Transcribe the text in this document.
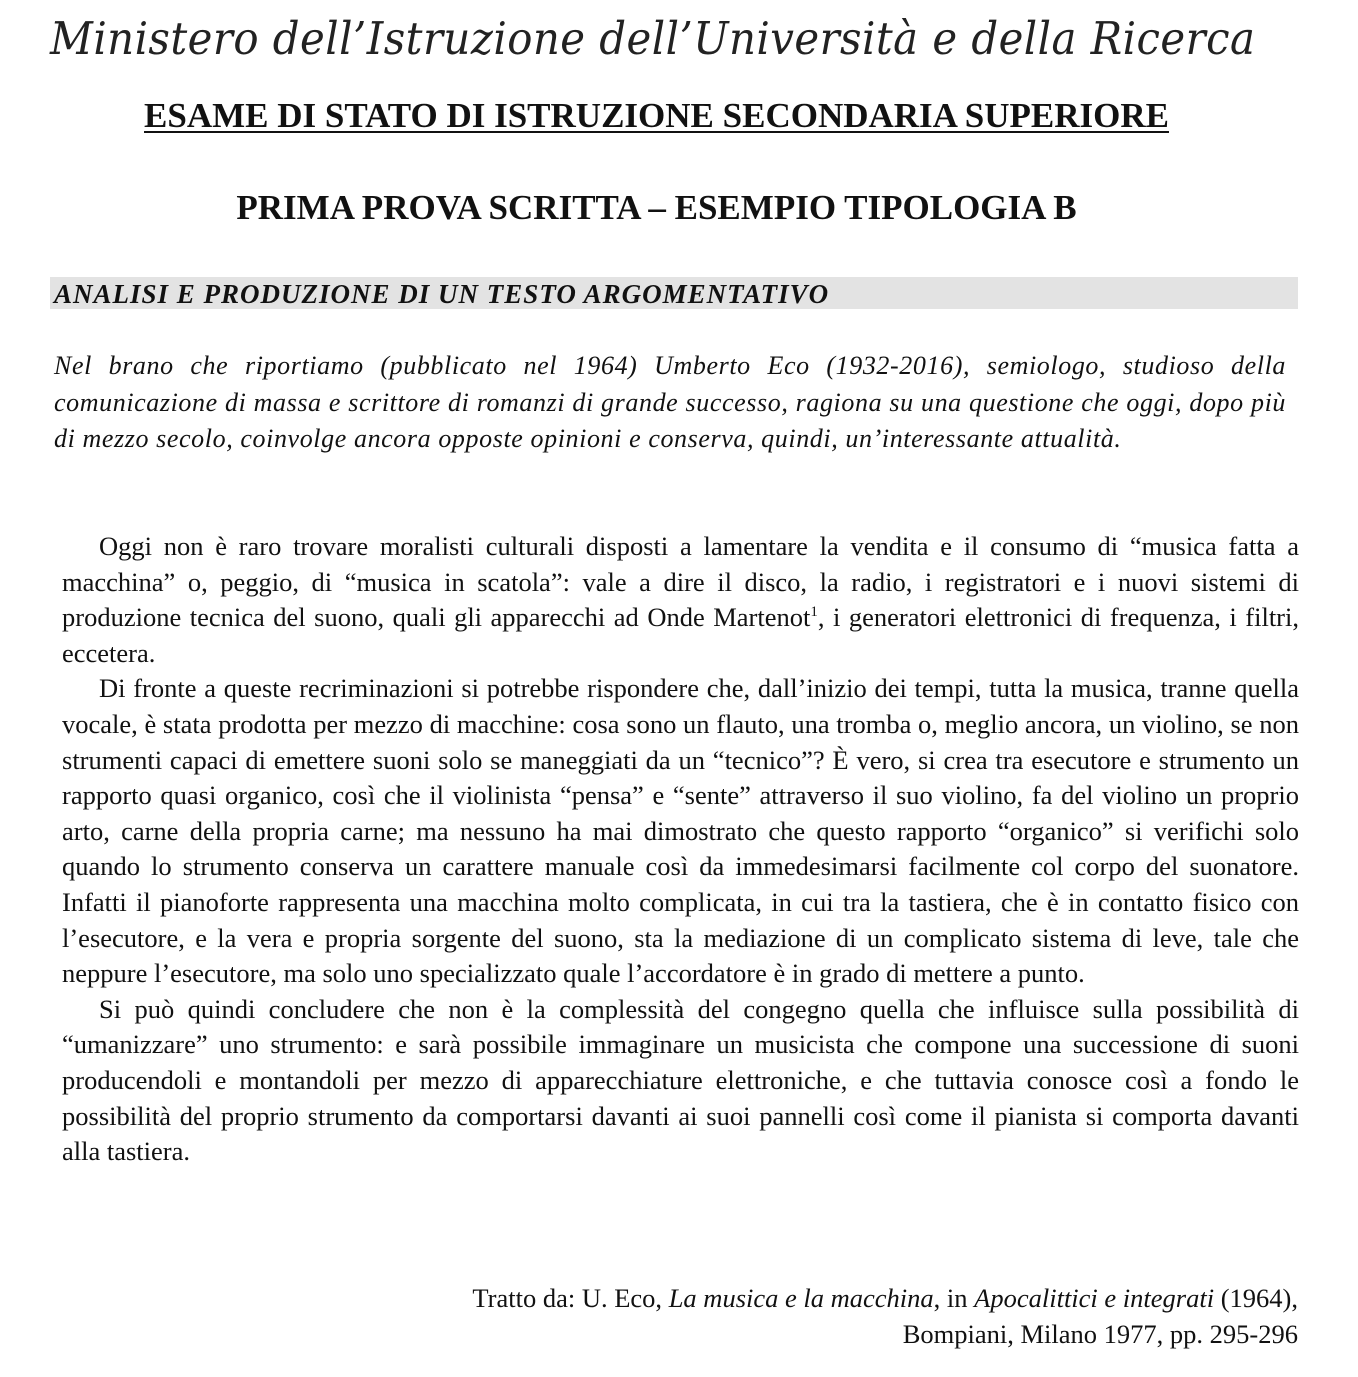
Ministero dell’Istruzione dell’Università e della Ricerca
ESAME DI STATO DI ISTRUZIONE SECONDARIA SUPERIORE
PRIMA PROVA SCRITTA – ESEMPIO TIPOLOGIA B
ANALISI E PRODUZIONE DI UN TESTO ARGOMENTATIVO

Nel brano che riportiamo (pubblicato nel 1964) Umberto Eco (1932-2016), semiologo, studioso della comunicazione di massa e scrittore di romanzi di grande successo, ragiona su una questione che oggi, dopo più di mezzo secolo, coinvolge ancora opposte opinioni e conserva, quindi, un’interessante attualità.

Oggi non è raro trovare moralisti culturali disposti a lamentare la vendita e il consumo di “musica fatta a macchina” o, peggio, di “musica in scatola”: vale a dire il disco, la radio, i registratori e i nuovi sistemi di produzione tecnica del suono, quali gli apparecchi ad Onde Martenot$^1$, i generatori elettronici di frequenza, i filtri, eccetera.

Di fronte a queste recriminazioni si potrebbe rispondere che, dall’inizio dei tempi, tutta la musica, tranne quella vocale, è stata prodotta per mezzo di macchine: cosa sono un flauto, una tromba o, meglio ancora, un violino, se non strumenti capaci di emettere suoni solo se maneggiati da un “tecnico”? È vero, si crea tra esecutore e strumento un rapporto quasi organico, così che il violinista “pensa” e “sente” attraverso il suo violino, fa del violino un proprio arto, carne della propria carne; ma nessuno ha mai dimostrato che questo rapporto “organico” si verifichi solo quando lo strumento conserva un carattere manuale così da immedesimarsi facilmente col corpo del suonatore. Infatti il pianoforte rappresenta una macchina molto complicata, in cui tra la tastiera, che è in contatto fisico con l’esecutore, e la vera e propria sorgente del suono, sta la mediazione di un complicato sistema di leve, tale che neppure l’esecutore, ma solo uno specializzato quale l’accordatore è in grado di mettere a punto.

Si può quindi concludere che non è la complessità del congegno quella che influisce sulla possibilità di “umanizzare” uno strumento: e sarà possibile immaginare un musicista che compone una successione di suoni producendoli e montandoli per mezzo di apparecchiature elettroniche, e che tuttavia conosce così a fondo le possibilità del proprio strumento da comportarsi davanti ai suoi pannelli così come il pianista si comporta davanti alla tastiera.

Tratto da: U. Eco, La musica e la macchina, in Apocalittici e integrati (1964),
Bompiani, Milano 1977, pp. 295-296
